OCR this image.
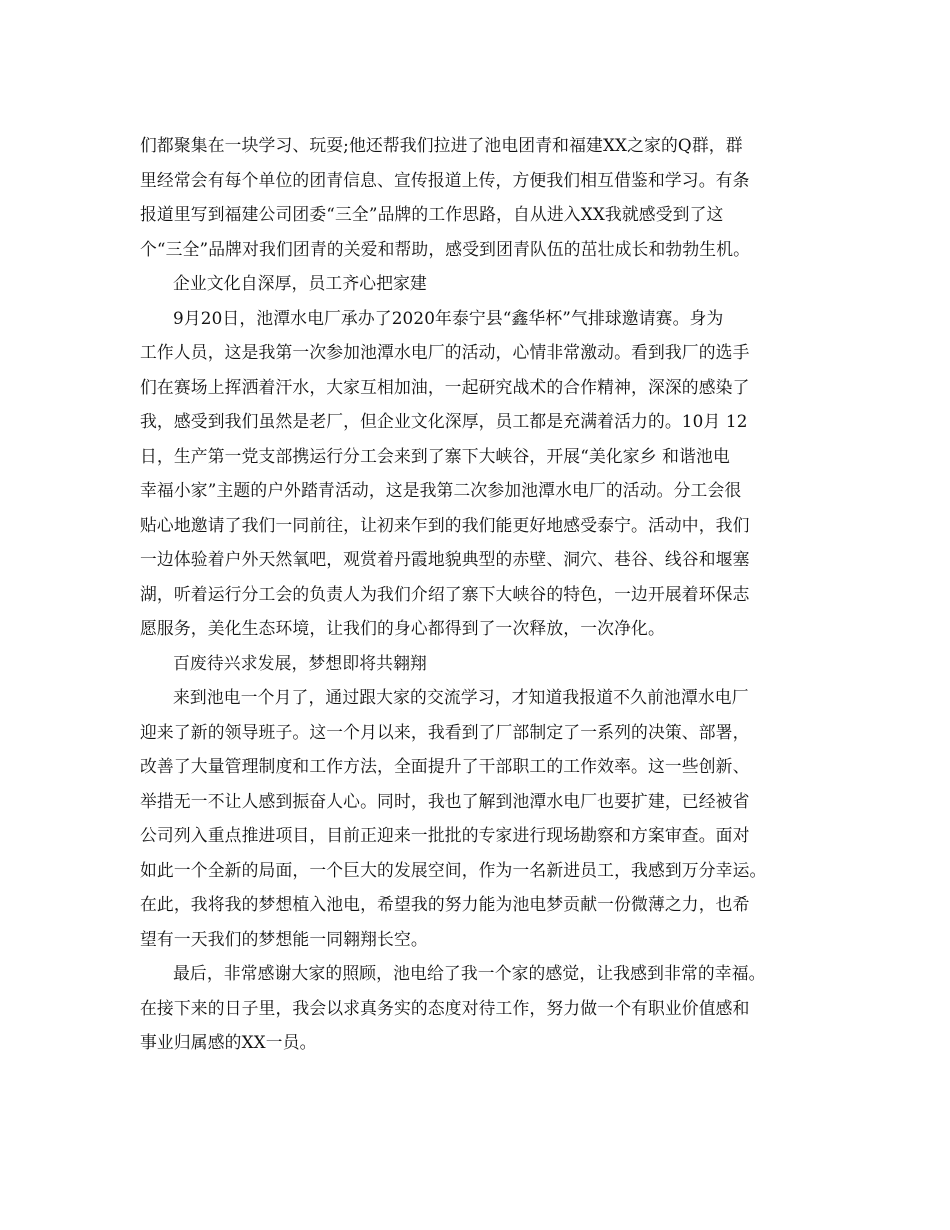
们都聚集在一块学习、玩耍;他还帮我们拉进了池电团青和福建XX之家的Q群，群
里经常会有每个单位的团青信息、宣传报道上传，方便我们相互借鉴和学习。有条
报道里写到福建公司团委“三全”品牌的工作思路，自从进入XX我就感受到了这
个“三全”品牌对我们团青的关爱和帮助，感受到团青队伍的茁壮成长和勃勃生机。
企业文化自深厚，员工齐心把家建
9月20日，池潭水电厂承办了2020年泰宁县“鑫华杯”气排球邀请赛。身为
工作人员，这是我第一次参加池潭水电厂的活动，心情非常激动。看到我厂的选手
们在赛场上挥洒着汗水，大家互相加油，一起研究战术的合作精神，深深的感染了
我，感受到我们虽然是老厂，但企业文化深厚，员工都是充满着活力的。10月 12
日，生产第一党支部携运行分工会来到了寨下大峡谷，开展“美化家乡 和谐池电
幸福小家”主题的户外踏青活动，这是我第二次参加池潭水电厂的活动。分工会很
贴心地邀请了我们一同前往，让初来乍到的我们能更好地感受泰宁。活动中，我们
一边体验着户外天然氧吧，观赏着丹霞地貌典型的赤壁、洞穴、巷谷、线谷和堰塞
湖，听着运行分工会的负责人为我们介绍了寨下大峡谷的特色，一边开展着环保志
愿服务，美化生态环境，让我们的身心都得到了一次释放，一次净化。
百废待兴求发展，梦想即将共翱翔
来到池电一个月了，通过跟大家的交流学习，才知道我报道不久前池潭水电厂
迎来了新的领导班子。这一个月以来，我看到了厂部制定了一系列的决策、部署，
改善了大量管理制度和工作方法，全面提升了干部职工的工作效率。这一些创新、
举措无一不让人感到振奋人心。同时，我也了解到池潭水电厂也要扩建，已经被省
公司列入重点推进项目，目前正迎来一批批的专家进行现场勘察和方案审查。面对
如此一个全新的局面，一个巨大的发展空间，作为一名新进员工，我感到万分幸运。
在此，我将我的梦想植入池电，希望我的努力能为池电梦贡献一份微薄之力，也希
望有一天我们的梦想能一同翱翔长空。
最后，非常感谢大家的照顾，池电给了我一个家的感觉，让我感到非常的幸福。
在接下来的日子里，我会以求真务实的态度对待工作，努力做一个有职业价值感和
事业归属感的XX一员。
